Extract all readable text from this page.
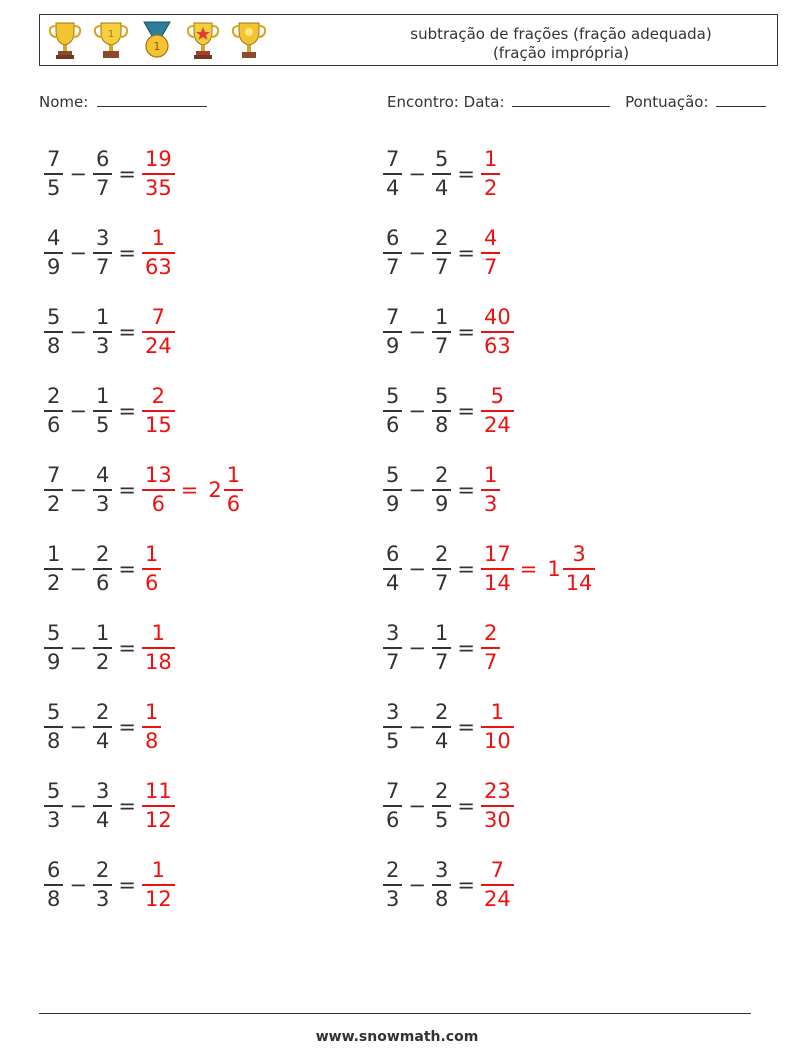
1
1
subtração de frações (fração adequada)
(fração imprópria)
Nome:	Encontro: Data:	Pontuação:
$\frac{7}{5} - \frac{6}{7} = \frac{19}{35}$	$\frac{7}{4} - \frac{5}{4} = \frac{1}{2}$
$\frac{4}{9} - \frac{3}{7} = \frac{1}{63}$	$\frac{6}{7} - \frac{2}{7} = \frac{4}{7}$
$\frac{5}{8} - \frac{1}{3} = \frac{7}{24}$	$\frac{7}{9} - \frac{1}{7} = \frac{40}{63}$
$\frac{2}{6} - \frac{1}{5} = \frac{2}{15}$	$\frac{5}{6} - \frac{5}{8} = \frac{5}{24}$
$\frac{7}{2} - \frac{4}{3} = \frac{13}{6} = 2 \frac{1}{6}$	$\frac{5}{9} - \frac{2}{9} = \frac{1}{3}$
$\frac{1}{2} - \frac{2}{6} = \frac{1}{6}$	$\frac{6}{4} - \frac{2}{7} = \frac{17}{14} = 1 \frac{3}{14}$
$\frac{5}{9} - \frac{1}{2} = \frac{1}{18}$	$\frac{3}{7} - \frac{1}{7} = \frac{2}{7}$
$\frac{5}{8} - \frac{2}{4} = \frac{1}{8}$	$\frac{3}{5} - \frac{2}{4} = \frac{1}{10}$
$\frac{5}{3} - \frac{3}{4} = \frac{11}{12}$	$\frac{7}{6} - \frac{2}{5} = \frac{23}{30}$
$\frac{6}{8} - \frac{2}{3} = \frac{1}{12}$	$\frac{2}{3} - \frac{3}{8} = \frac{7}{24}$
www.snowmath.com
